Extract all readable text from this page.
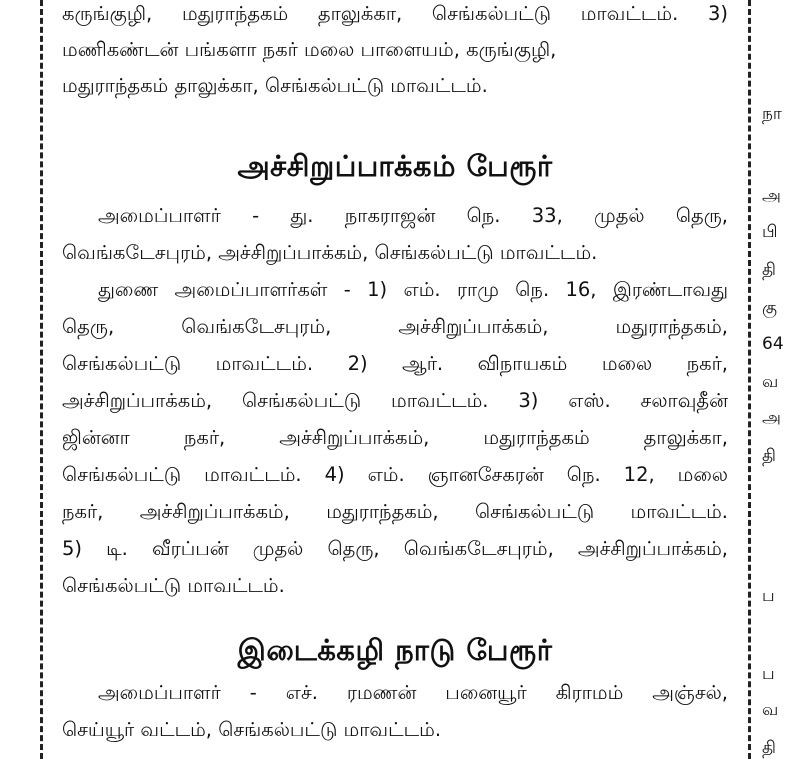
கருங்குழி, மதுராந்தகம் தாலுக்கா, செங்கல்பட்டு மாவட்டம். 3)
மணிகண்டன் பங்களா நகர் மலை பாளையம், கருங்குழி,
மதுராந்தகம் தாலுக்கா, செங்கல்பட்டு மாவட்டம்.
அச்சிறுப்பாக்கம் பேரூர்
அமைப்பாளர் - து. நாகராஜன் நெ. 33, முதல் தெரு,
வெங்கடேசபுரம், அச்சிறுப்பாக்கம், செங்கல்பட்டு மாவட்டம்.
துணை அமைப்பாளர்கள் - 1) எம். ராமு நெ. 16, இரண்டாவது
தெரு, வெங்கடேசபுரம், அச்சிறுப்பாக்கம், மதுராந்தகம்,
செங்கல்பட்டு மாவட்டம். 2) ஆர். விநாயகம் மலை நகர்,
அச்சிறுப்பாக்கம், செங்கல்பட்டு மாவட்டம். 3) எஸ். சலாவுதீன்
ஜின்னா நகர், அச்சிறுப்பாக்கம், மதுராந்தகம் தாலுக்கா,
செங்கல்பட்டு மாவட்டம். 4) எம். ஞானசேகரன் நெ. 12, மலை
நகர், அச்சிறுப்பாக்கம், மதுராந்தகம், செங்கல்பட்டு மாவட்டம்.
5) டி. வீரப்பன் முதல் தெரு, வெங்கடேசபுரம், அச்சிறுப்பாக்கம்,
செங்கல்பட்டு மாவட்டம்.
இடைக்கழி நாடு பேரூர்
அமைப்பாளர் - எச். ரமணன் பனையூர் கிராமம் அஞ்சல்,
செய்யூர் வட்டம், செங்கல்பட்டு மாவட்டம்.
நா
அ
பி
தி
கு
64
வ
அ
தி
ப
ப
வ
தி
